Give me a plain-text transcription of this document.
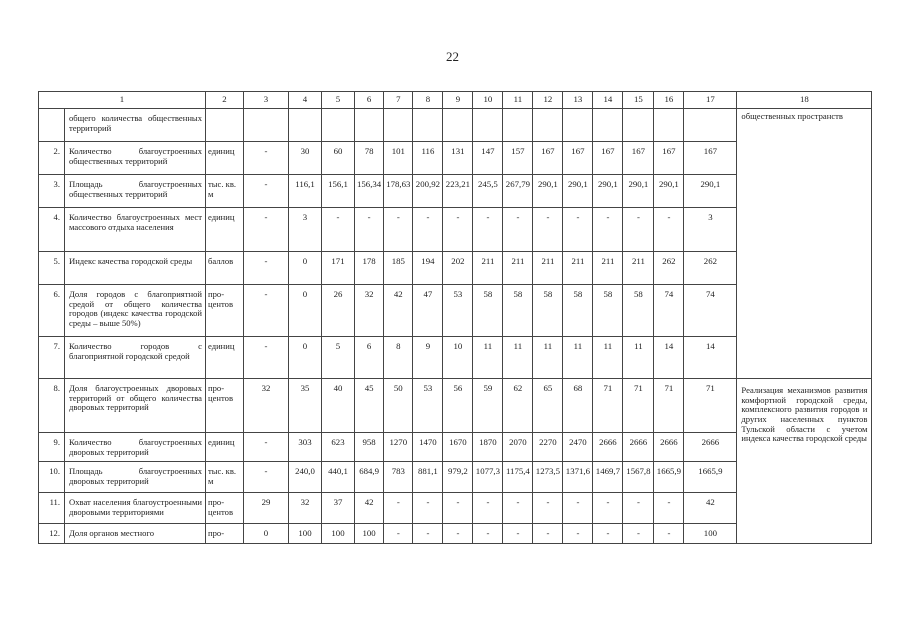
22
1		2	3	4	5	6	7	8	9	10	11	12	13	14	15	16	17	18
	общего количества общественных территорий																	общественных пространств
2.	Количество благоустроенных общественных территорий	единиц	-	30	60	78	101	116	131	147	157	167	167	167	167	167	167	
3.	Площадь благоустроенных общественных территорий	тыс. кв. м	-	116,1	156,1	156,34	178,63	200,92	223,21	245,5	267,79	290,1	290,1	290,1	290,1	290,1	290,1	
4.	Количество благоустроенных мест массового отдыха населения	единиц	-	3	-	-	-	-	-	-	-	-	-	-	-	-	3	
5.	Индекс качества городской среды	баллов	-	0	171	178	185	194	202	211	211	211	211	211	211	262	262	
6.	Доля городов с благоприятной средой от общего количества городов (индекс качества городской среды – выше 50%)	про- центов	-	0	26	32	42	47	53	58	58	58	58	58	58	74	74	
7.	Количество городов с благоприятной городской средой	единиц	-	0	5	6	8	9	10	11	11	11	11	11	11	14	14	
8.	Доля благоустроенных дворовых территорий от общего количества дворовых территорий	про- центов	32	35	40	45	50	53	56	59	62	65	68	71	71	71	71	Реализация механизмов развития комфортной городской среды, комплексного развития городов и других населенных пунктов Тульской области с учетом индекса качества городской среды
9.	Количество благоустроенных дворовых территорий	единиц	-	303	623	958	1270	1470	1670	1870	2070	2270	2470	2666	2666	2666	2666	
10.	Площадь благоустроенных дворовых территорий	тыс. кв. м	-	240,0	440,1	684,9	783	881,1	979,2	1077,3	1175,4	1273,5	1371,6	1469,7	1567,8	1665,9	1665,9	
11.	Охват населения благоустроенными дворовыми территориями	про- центов	29	32	37	42	-	-	-	-	-	-	-	-	-	-	42	
12.	Доля органов местного	про-	0	100	100	100	-	-	-	-	-	-	-	-	-	-	100	
